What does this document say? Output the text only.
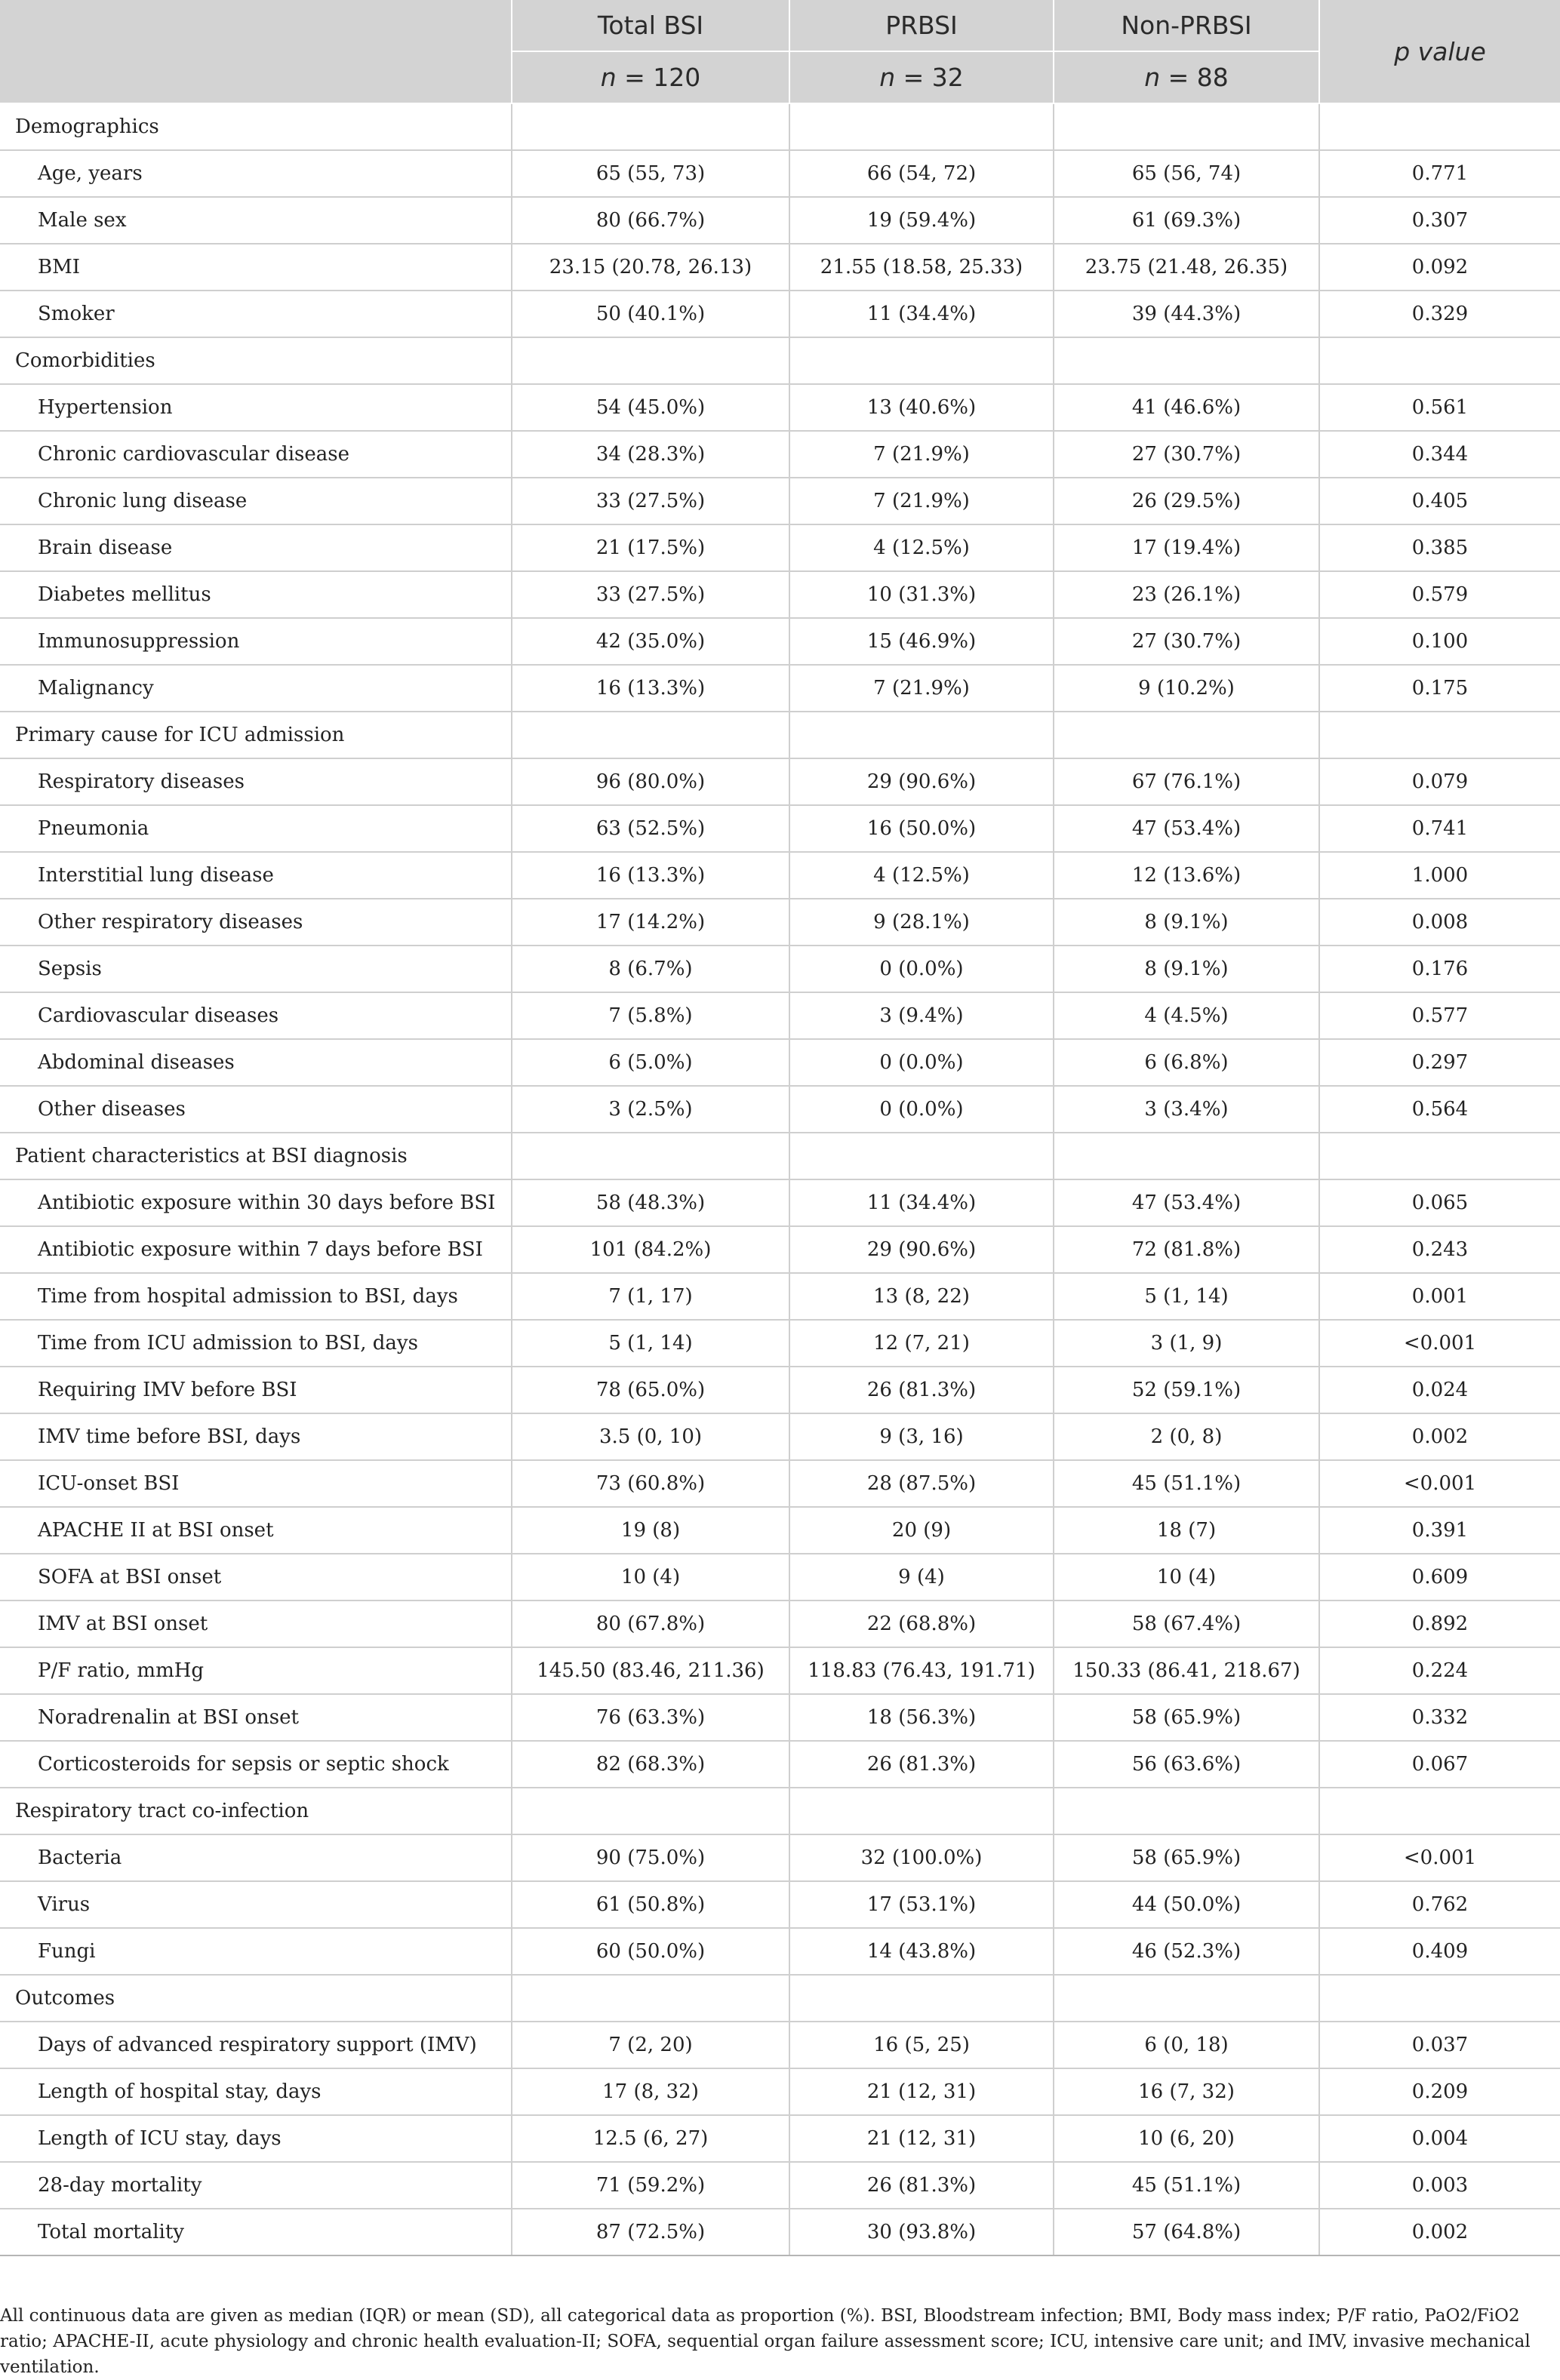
	Total BSI	PRBSI	Non-PRBSI	p value
	n = 120	n = 32	n = 88	
Demographics				
Age, years	65 (55, 73)	66 (54, 72)	65 (56, 74)	0.771
Male sex	80 (66.7%)	19 (59.4%)	61 (69.3%)	0.307
BMI	23.15 (20.78, 26.13)	21.55 (18.58, 25.33)	23.75 (21.48, 26.35)	0.092
Smoker	50 (40.1%)	11 (34.4%)	39 (44.3%)	0.329
Comorbidities				
Hypertension	54 (45.0%)	13 (40.6%)	41 (46.6%)	0.561
Chronic cardiovascular disease	34 (28.3%)	7 (21.9%)	27 (30.7%)	0.344
Chronic lung disease	33 (27.5%)	7 (21.9%)	26 (29.5%)	0.405
Brain disease	21 (17.5%)	4 (12.5%)	17 (19.4%)	0.385
Diabetes mellitus	33 (27.5%)	10 (31.3%)	23 (26.1%)	0.579
Immunosuppression	42 (35.0%)	15 (46.9%)	27 (30.7%)	0.100
Malignancy	16 (13.3%)	7 (21.9%)	9 (10.2%)	0.175
Primary cause for ICU admission				
Respiratory diseases	96 (80.0%)	29 (90.6%)	67 (76.1%)	0.079
Pneumonia	63 (52.5%)	16 (50.0%)	47 (53.4%)	0.741
Interstitial lung disease	16 (13.3%)	4 (12.5%)	12 (13.6%)	1.000
Other respiratory diseases	17 (14.2%)	9 (28.1%)	8 (9.1%)	0.008
Sepsis	8 (6.7%)	0 (0.0%)	8 (9.1%)	0.176
Cardiovascular diseases	7 (5.8%)	3 (9.4%)	4 (4.5%)	0.577
Abdominal diseases	6 (5.0%)	0 (0.0%)	6 (6.8%)	0.297
Other diseases	3 (2.5%)	0 (0.0%)	3 (3.4%)	0.564
Patient characteristics at BSI diagnosis				
Antibiotic exposure within 30 days before BSI	58 (48.3%)	11 (34.4%)	47 (53.4%)	0.065
Antibiotic exposure within 7 days before BSI	101 (84.2%)	29 (90.6%)	72 (81.8%)	0.243
Time from hospital admission to BSI, days	7 (1, 17)	13 (8, 22)	5 (1, 14)	0.001
Time from ICU admission to BSI, days	5 (1, 14)	12 (7, 21)	3 (1, 9)	<0.001
Requiring IMV before BSI	78 (65.0%)	26 (81.3%)	52 (59.1%)	0.024
IMV time before BSI, days	3.5 (0, 10)	9 (3, 16)	2 (0, 8)	0.002
ICU-onset BSI	73 (60.8%)	28 (87.5%)	45 (51.1%)	<0.001
APACHE II at BSI onset	19 (8)	20 (9)	18 (7)	0.391
SOFA at BSI onset	10 (4)	9 (4)	10 (4)	0.609
IMV at BSI onset	80 (67.8%)	22 (68.8%)	58 (67.4%)	0.892
P/F ratio, mmHg	145.50 (83.46, 211.36)	118.83 (76.43, 191.71)	150.33 (86.41, 218.67)	0.224
Noradrenalin at BSI onset	76 (63.3%)	18 (56.3%)	58 (65.9%)	0.332
Corticosteroids for sepsis or septic shock	82 (68.3%)	26 (81.3%)	56 (63.6%)	0.067
Respiratory tract co-infection				
Bacteria	90 (75.0%)	32 (100.0%)	58 (65.9%)	<0.001
Virus	61 (50.8%)	17 (53.1%)	44 (50.0%)	0.762
Fungi	60 (50.0%)	14 (43.8%)	46 (52.3%)	0.409
Outcomes				
Days of advanced respiratory support (IMV)	7 (2, 20)	16 (5, 25)	6 (0, 18)	0.037
Length of hospital stay, days	17 (8, 32)	21 (12, 31)	16 (7, 32)	0.209
Length of ICU stay, days	12.5 (6, 27)	21 (12, 31)	10 (6, 20)	0.004
28-day mortality	71 (59.2%)	26 (81.3%)	45 (51.1%)	0.003
Total mortality	87 (72.5%)	30 (93.8%)	57 (64.8%)	0.002

All continuous data are given as median (IQR) or mean (SD), all categorical data as proportion (%). BSI, Bloodstream infection; BMI, Body mass index; P/F ratio, PaO2/FiO2 ratio; APACHE-II, acute physiology and chronic health evaluation-II; SOFA, sequential organ failure assessment score; ICU, intensive care unit; and IMV, invasive mechanical ventilation.
